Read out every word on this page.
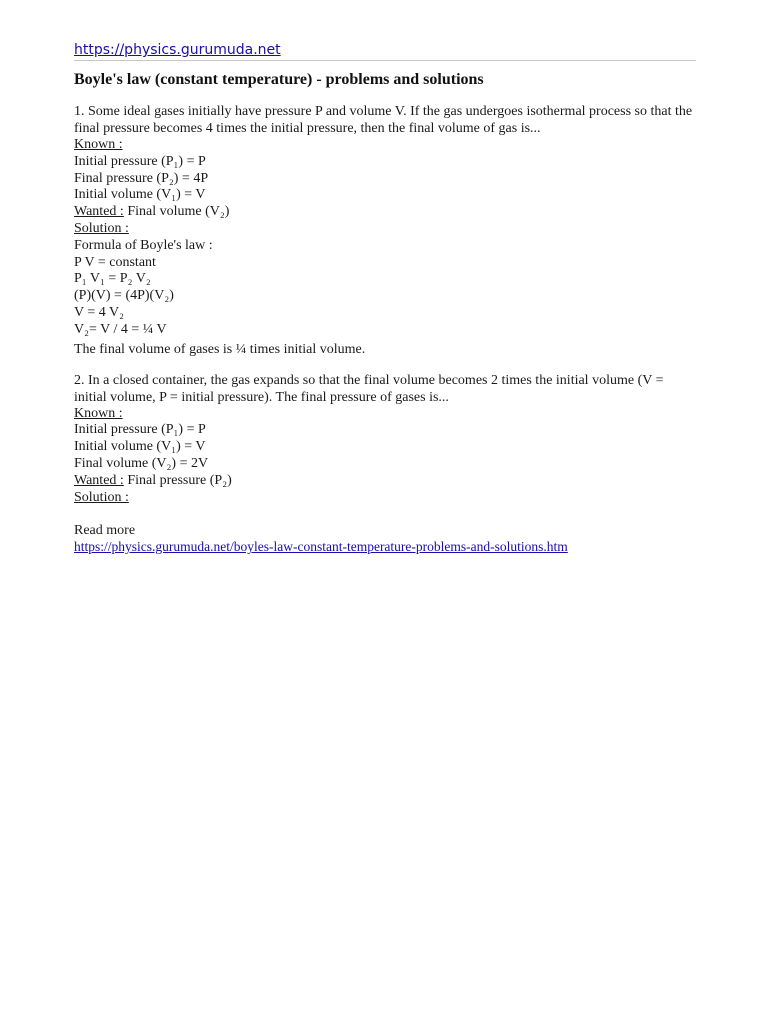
https://physics.gurumuda.net
Boyle's law (constant temperature) - problems and solutions

1. Some ideal gases initially have pressure P and volume V. If the gas undergoes isothermal process so that the final pressure becomes 4 times the initial pressure, then the final volume of gas is...

Known :
Initial pressure (P₁) = P
Final pressure (P₂) = 4P
Initial volume (V₁) = V
Wanted : Final volume (V₂)
Solution :
Formula of Boyle's law :
P V = constant
P₁ V₁ = P₂ V₂
(P)(V) = (4P)(V₂)
V = 4 V₂
V₂= V / 4 = ¼ V

The final volume of gases is ¼ times initial volume.

2. In a closed container, the gas expands so that the final volume becomes 2 times the initial volume (V = initial volume, P = initial pressure). The final pressure of gases is...

Known :
Initial pressure (P₁) = P
Initial volume (V₁) = V
Final volume (V₂) = 2V
Wanted : Final pressure (P₂)
Solution :
Read more
https://physics.gurumuda.net/boyles-law-constant-temperature-problems-and-solutions.htm
